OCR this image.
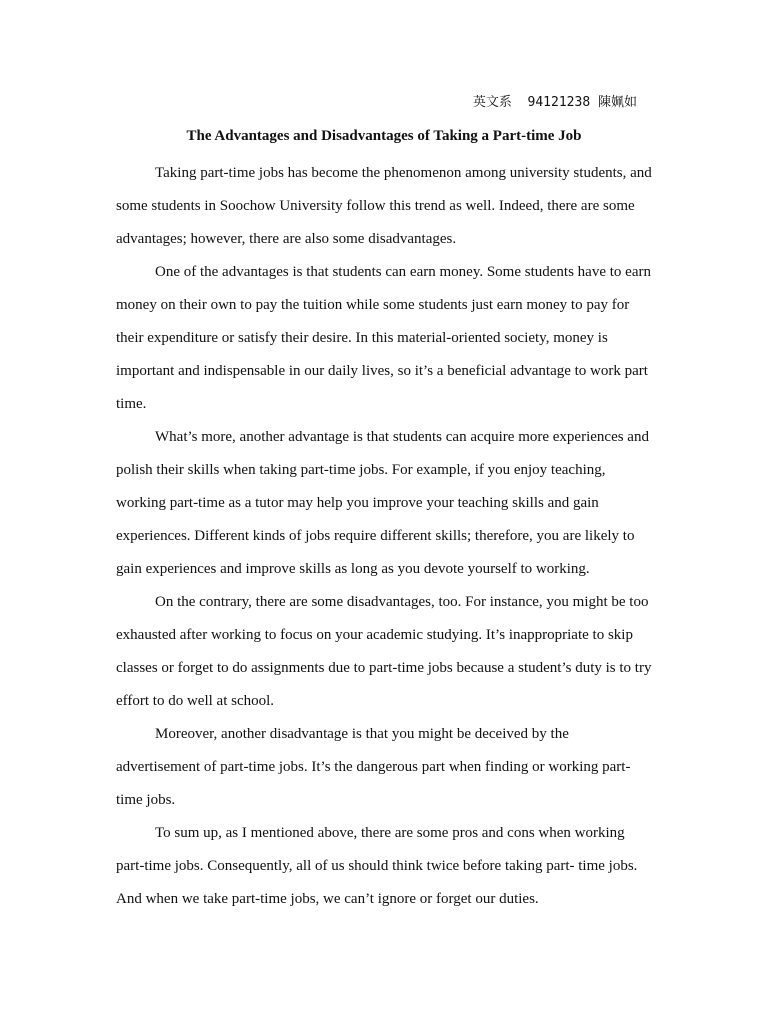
英文系 94121238 陳姵如
The Advantages and Disadvantages of Taking a Part-time Job

Taking part-time jobs has become the phenomenon among university students, and some students in Soochow University follow this trend as well. Indeed, there are some advantages; however, there are also some disadvantages.

One of the advantages is that students can earn money. Some students have to earn money on their own to pay the tuition while some students just earn money to pay for their expenditure or satisfy their desire. In this material-oriented society, money is important and indispensable in our daily lives, so it’s a beneficial advantage to work part time.

What’s more, another advantage is that students can acquire more experiences and polish their skills when taking part-time jobs. For example, if you enjoy teaching, working part-time as a tutor may help you improve your teaching skills and gain experiences. Different kinds of jobs require different skills; therefore, you are likely to gain experiences and improve skills as long as you devote yourself to working.

On the contrary, there are some disadvantages, too. For instance, you might be too exhausted after working to focus on your academic studying. It’s inappropriate to skip classes or forget to do assignments due to part-time jobs because a student’s duty is to try effort to do well at school.

Moreover, another disadvantage is that you might be deceived by the advertisement of part-time jobs. It’s the dangerous part when finding or working part-time jobs.

To sum up, as I mentioned above, there are some pros and cons when working part-time jobs. Consequently, all of us should think twice before taking part- time jobs. And when we take part-time jobs, we can’t ignore or forget our duties.
